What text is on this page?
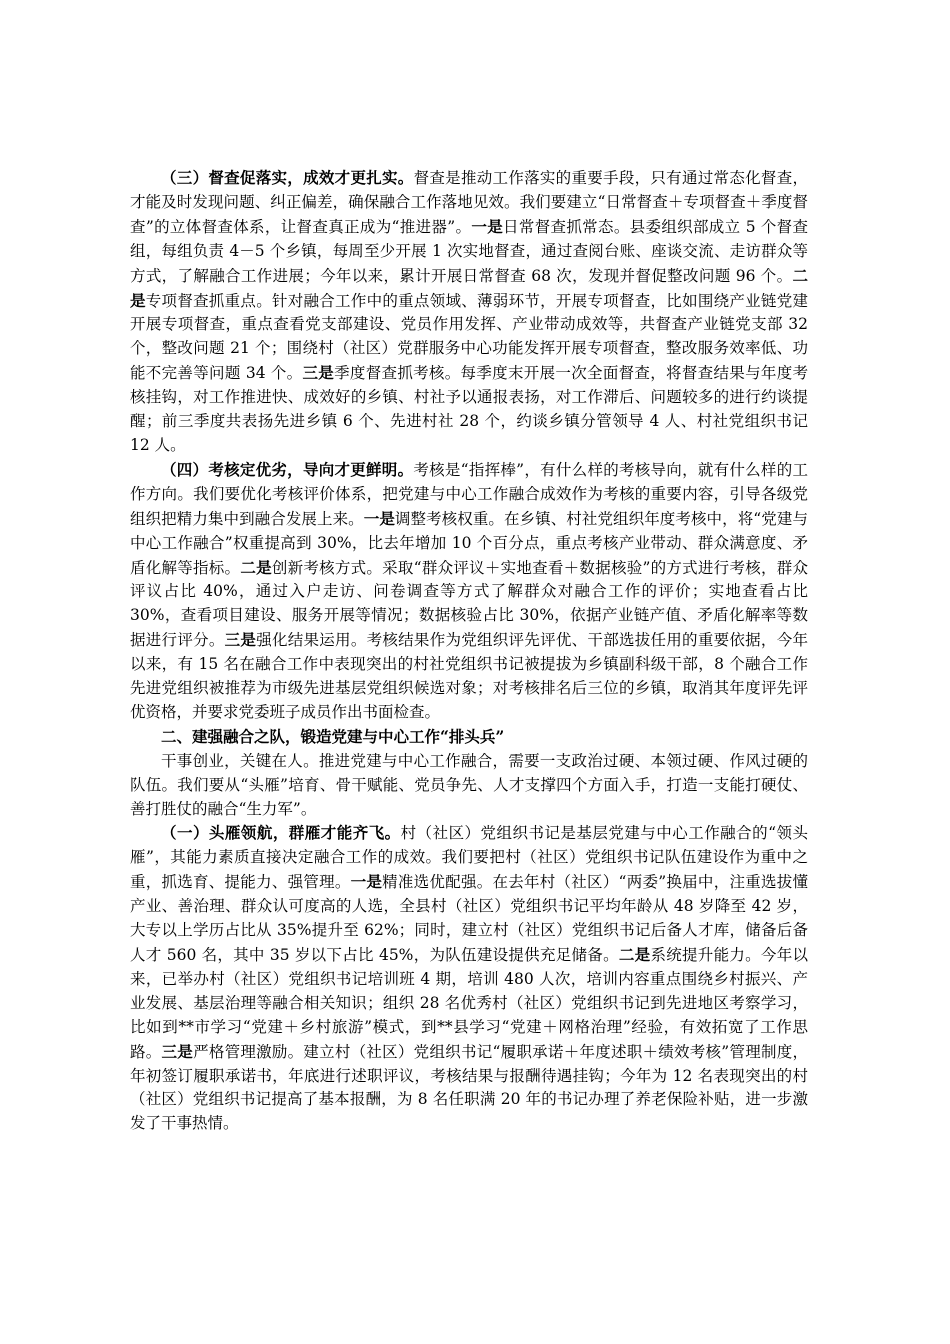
（三）督查促落实，成效才更扎实。督查是推动工作落实的重要手段，只有通过常态化督查，才能及时发现问题、纠正偏差，确保融合工作落地见效。我们要建立“日常督查＋专项督查＋季度督查”的立体督查体系，让督查真正成为“推进器”。一是日常督查抓常态。县委组织部成立 5 个督查组，每组负责 4－5 个乡镇，每周至少开展 1 次实地督查，通过查阅台账、座谈交流、走访群众等方式，了解融合工作进展；今年以来，累计开展日常督查 68 次，发现并督促整改问题 96 个。二是专项督查抓重点。针对融合工作中的重点领域、薄弱环节，开展专项督查，比如围绕产业链党建开展专项督查，重点查看党支部建设、党员作用发挥、产业带动成效等，共督查产业链党支部 32 个，整改问题 21 个；围绕村（社区）党群服务中心功能发挥开展专项督查，整改服务效率低、功能不完善等问题 34 个。三是季度督查抓考核。每季度末开展一次全面督查，将督查结果与年度考核挂钩，对工作推进快、成效好的乡镇、村社予以通报表扬，对工作滞后、问题较多的进行约谈提醒；前三季度共表扬先进乡镇 6 个、先进村社 28 个，约谈乡镇分管领导 4 人、村社党组织书记 12 人。

（四）考核定优劣，导向才更鲜明。考核是“指挥棒”，有什么样的考核导向，就有什么样的工作方向。我们要优化考核评价体系，把党建与中心工作融合成效作为考核的重要内容，引导各级党组织把精力集中到融合发展上来。一是调整考核权重。在乡镇、村社党组织年度考核中，将“党建与中心工作融合”权重提高到 30%，比去年增加 10 个百分点，重点考核产业带动、群众满意度、矛盾化解等指标。二是创新考核方式。采取“群众评议＋实地查看＋数据核验”的方式进行考核，群众评议占比 40%，通过入户走访、问卷调查等方式了解群众对融合工作的评价；实地查看占比 30%，查看项目建设、服务开展等情况；数据核验占比 30%，依据产业链产值、矛盾化解率等数据进行评分。三是强化结果运用。考核结果作为党组织评先评优、干部选拔任用的重要依据，今年以来，有 15 名在融合工作中表现突出的村社党组织书记被提拔为乡镇副科级干部，8 个融合工作先进党组织被推荐为市级先进基层党组织候选对象；对考核排名后三位的乡镇，取消其年度评先评优资格，并要求党委班子成员作出书面检查。

二、建强融合之队，锻造党建与中心工作“排头兵”

干事创业，关键在人。推进党建与中心工作融合，需要一支政治过硬、本领过硬、作风过硬的队伍。我们要从“头雁”培育、骨干赋能、党员争先、人才支撑四个方面入手，打造一支能打硬仗、善打胜仗的融合“生力军”。

（一）头雁领航，群雁才能齐飞。村（社区）党组织书记是基层党建与中心工作融合的“领头雁”，其能力素质直接决定融合工作的成效。我们要把村（社区）党组织书记队伍建设作为重中之重，抓选育、提能力、强管理。一是精准选优配强。在去年村（社区）“两委”换届中，注重选拔懂产业、善治理、群众认可度高的人选，全县村（社区）党组织书记平均年龄从 48 岁降至 42 岁，大专以上学历占比从 35%提升至 62%；同时，建立村（社区）党组织书记后备人才库，储备后备人才 560 名，其中 35 岁以下占比 45%，为队伍建设提供充足储备。二是系统提升能力。今年以来，已举办村（社区）党组织书记培训班 4 期，培训 480 人次，培训内容重点围绕乡村振兴、产业发展、基层治理等融合相关知识；组织 28 名优秀村（社区）党组织书记到先进地区考察学习，比如到**市学习“党建＋乡村旅游”模式，到**县学习“党建＋网格治理”经验，有效拓宽了工作思路。三是严格管理激励。建立村（社区）党组织书记“履职承诺＋年度述职＋绩效考核”管理制度，年初签订履职承诺书，年底进行述职评议，考核结果与报酬待遇挂钩；今年为 12 名表现突出的村（社区）党组织书记提高了基本报酬，为 8 名任职满 20 年的书记办理了养老保险补贴，进一步激发了干事热情。
